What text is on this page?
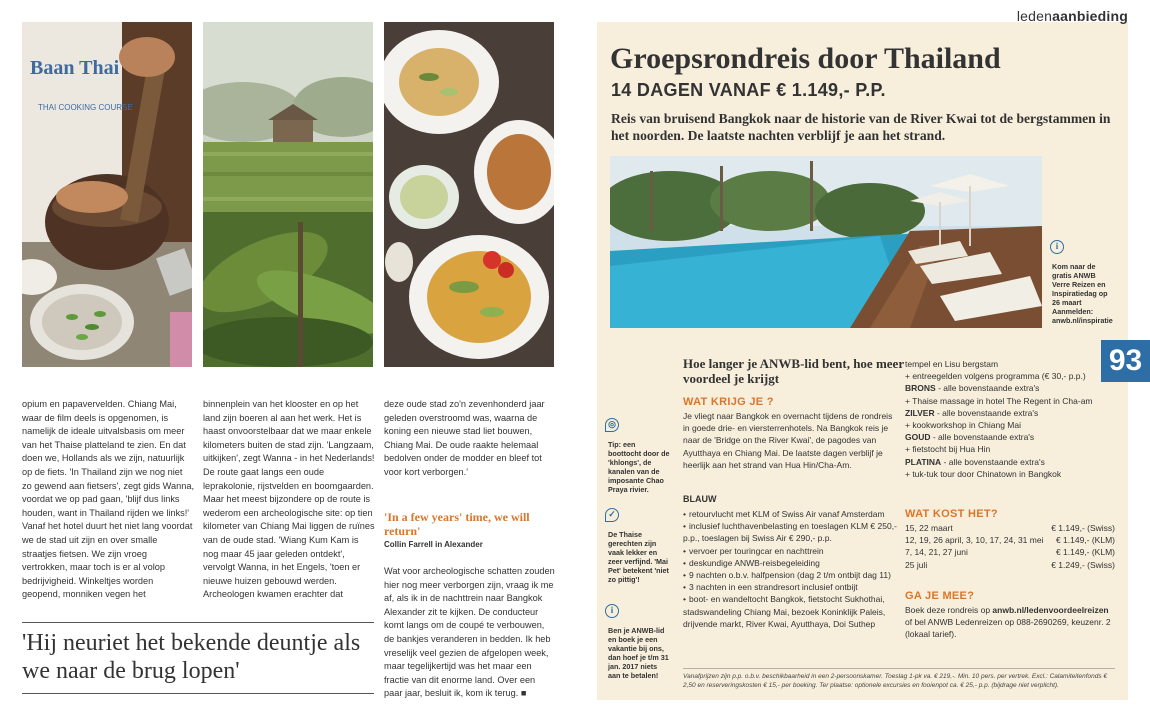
Baan Thai
THAI COOKING COURSE
opium en papavervelden. Chiang Mai, waar de film deels is opgenomen, is namelijk de ideale uitvalsbasis om meer van het Thaise platteland te zien. En dat doen we, Hollands als we zijn, natuurlijk op de fiets. 'In Thailand zijn we nog niet zo gewend aan fietsers', zegt gids Wanna, voordat we op pad gaan, 'blijf dus links houden, want in Thailand rijden we links!' Vanaf het hotel duurt het niet lang voordat we de stad uit zijn en over smalle straatjes fietsen. We zijn vroeg vertrokken, maar toch is er al volop bedrijvigheid. Winkeltjes worden geopend, monniken vegen het
binnenplein van het klooster en op het land zijn boeren al aan het werk. Het is haast onvoorstelbaar dat we maar enkele kilometers buiten de stad zijn. 'Langzaam, uitkijken', zegt Wanna - in het Nederlands! De route gaat langs een oude leprakolonie, rijstvelden en boomgaarden. Maar het meest bijzondere op de route is wederom een archeologische site: op tien kilometer van Chiang Mai liggen de ruïnes van de oude stad. 'Wiang Kum Kam is nog maar 45 jaar geleden ontdekt', vervolgt Wanna, in het Engels, 'toen er nieuwe huizen gebouwd werden. Archeologen kwamen erachter dat
deze oude stad zo'n zevenhonderd jaar geleden overstroomd was, waarna de koning een nieuwe stad liet bouwen, Chiang Mai. De oude raakte helemaal bedolven onder de modder en bleef tot voor kort verborgen.'
'In a few years' time, we will return'
Collin Farrell in Alexander
Wat voor archeologische schatten zouden hier nog meer verborgen zijn, vraag ik me af, als ik in de nachttrein naar Bangkok Alexander zit te kijken. De conducteur komt langs om de coupé te verbouwen, de bankjes veranderen in bedden. Ik heb vreselijk veel gezien de afgelopen week, maar tegelijkertijd was het maar een fractie van dit enorme land. Over een paar jaar, besluit ik, kom ik terug. ■
'Hij neuriet het bekende deuntje als we naar de brug lopen'
ledenaanbieding
Groepsrondreis door Thailand
14 DAGEN VANAF € 1.149,- P.P.
Reis van bruisend Bangkok naar de historie van de River Kwai tot de bergstammen in het noorden. De laatste nachten verblijf je aan het strand.
i
Kom naar de gratis ANWB Verre Reizen en Inspiratiedag op 26 maart Aanmelden: anwb.nl/inspiratie
93
◎
Tip: een boottocht door de 'khlongs', de kanalen van de imposante Chao Praya rivier.
✓
De Thaise gerechten zijn vaak lekker en zeer verfijnd. 'Mai Pet' betekent 'niet zo pittig'!
i
Ben je ANWB-lid en boek je een vakantie bij ons, dan hoef je t/m 31 jan. 2017 niets aan te betalen!
Hoe langer je ANWB-lid bent, hoe meer voordeel je krijgt
WAT KRIJG JE ?
Je vliegt naar Bangkok en overnacht tijdens de rondreis in goede drie- en viersterrenhotels. Na Bangkok reis je naar de 'Bridge on the River Kwai', de pagodes van Ayutthaya en Chiang Mai. De laatste dagen verblijf je heerlijk aan het strand van Hua Hin/Cha-Am.
BLAUW
• retourvlucht met KLM of Swiss Air vanaf Amsterdam
• inclusief luchthavenbelasting en toeslagen KLM € 250,- p.p., toeslagen bij Swiss Air € 290,- p.p.
• vervoer per touringcar en nachttrein
• deskundige ANWB-reisbegeleiding
• 9 nachten o.b.v. halfpension (dag 2 t/m ontbijt dag 11)
• 3 nachten in een strandresort inclusief ontbijt
• boot- en wandeltocht Bangkok, fietstocht Sukhothai, stadswandeling Chiang Mai, bezoek Koninklijk Paleis, drijvende markt, River Kwai, Ayutthaya, Doi Suthep
tempel en Lisu bergstam
+ entreegelden volgens programma (€ 30,- p.p.)
BRONS - alle bovenstaande extra's
+ Thaise massage in hotel The Regent in Cha-am
ZILVER - alle bovenstaande extra's
+ kookworkshop in Chiang Mai
GOUD - alle bovenstaande extra's
+ fietstocht bij Hua Hin
PLATINA - alle bovenstaande extra's
+ tuk-tuk tour door Chinatown in Bangkok
WAT KOST HET?
15, 22 maart	€ 1.149,- (Swiss)
12, 19, 26 april, 3, 10, 17, 24, 31 mei € 1.149,- (KLM)
7, 14, 21, 27 juni	€ 1.149,- (KLM)
25 juli	€ 1.249,- (Swiss)
GA JE MEE?
Boek deze rondreis op anwb.nl/ledenvoordeelreizen of bel ANWB Ledenreizen op 088-2690269, keuzenr. 2 (lokaal tarief).
Vanafprijzen zijn p.p. o.b.v. beschikbaarheid in een 2-persoonskamer. Toeslag 1-pk va. € 219,-. Min. 10 pers. per vertrek. Excl.: Calamiteitenfonds € 2,50 en reserveringskosten € 15,- per boeking. Ter plaatse: optionele excursies en fooienpot ca. € 25,- p.p. (bijdrage niet verplicht).
